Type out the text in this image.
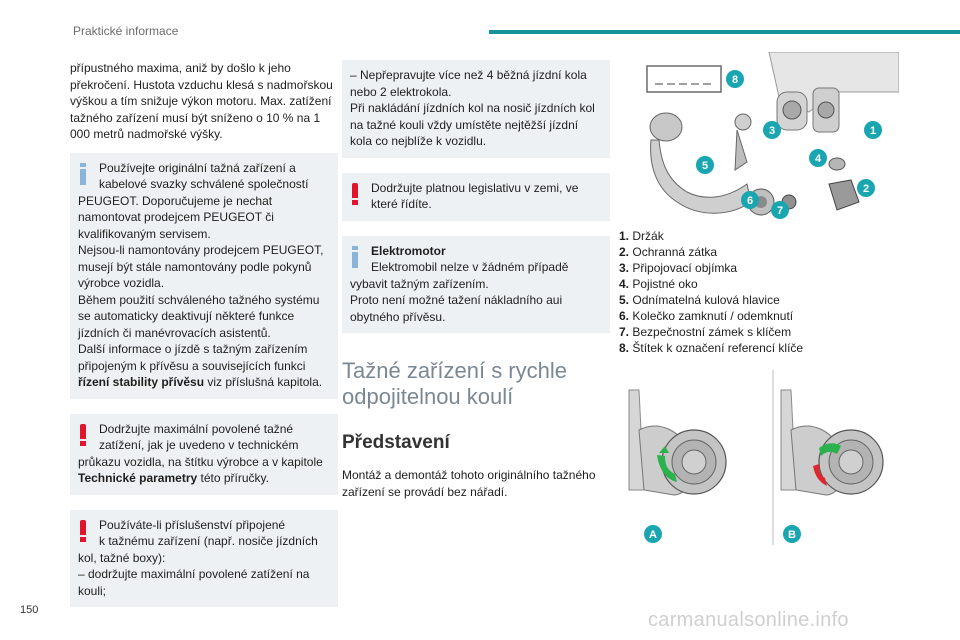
Praktické informace

přípustného maxima, aniž by došlo k jeho překročení. Hustota vzduchu klesá s nadmořskou výškou a tím snižuje výkon motoru. Max. zatížení tažného zařízení musí být sníženo o 10 % na 1 000 metrů nadmořské výšky.

Používejte originální tažná zařízení a
kabelové svazky schválené společností
PEUGEOT. Doporučujeme je nechat
namontovat prodejcem PEUGEOT či
kvalifikovaným servisem.
Nejsou-li namontovány prodejcem PEUGEOT,
musejí být stále namontovány podle pokynů
výrobce vozidla.
Během použití schváleného tažného systému
se automaticky deaktivují některé funkce
jízdních či manévrovacích asistentů.
Další informace o jízdě s tažným zařízením
připojeným k přívěsu a souvisejících funkci
řízení stability přívěsu viz příslušná kapitola.
Dodržujte maximální povolené tažné
zatížení, jak je uvedeno v technickém
průkazu vozidla, na štítku výrobce a v kapitole
Technické parametry této příručky.
Používáte-li příslušenství připojené
k tažnému zařízení (např. nosiče jízdních
kol, tažné boxy):
– dodržujte maximální povolené zatížení na
kouli;
– Nepřepravujte více než 4 běžná jízdní kola
nebo 2 elektrokola.
Při nakládání jízdních kol na nosič jízdních kol
na tažné kouli vždy umístěte nejtěžší jízdní
kola co nejblíže k vozidlu.
Dodržujte platnou legislativu v zemi, ve
které řídíte.
Elektromotor
Elektromobil nelze v žádném případě
vybavit tažným zařízením.
Proto není možné tažení nákladního aui
obytného přívěsu.
Tažné zařízení s rychle odpojitelnou koulí
Představení

Montáž a demontáž tohoto originálního tažného zařízení se provádí bez nářadí.

8
3	1
4
5
2
6
7
1. Držák
2. Ochranná zátka
3. Připojovací objímka
4. Pojistné oko
5. Odnímatelná kulová hlavice
6. Kolečko zamknutí / odemknutí
7. Bezpečnostní zámek s klíčem
8. Štítek k označení referencí klíče
A	B
150	carmanualsonline.info
